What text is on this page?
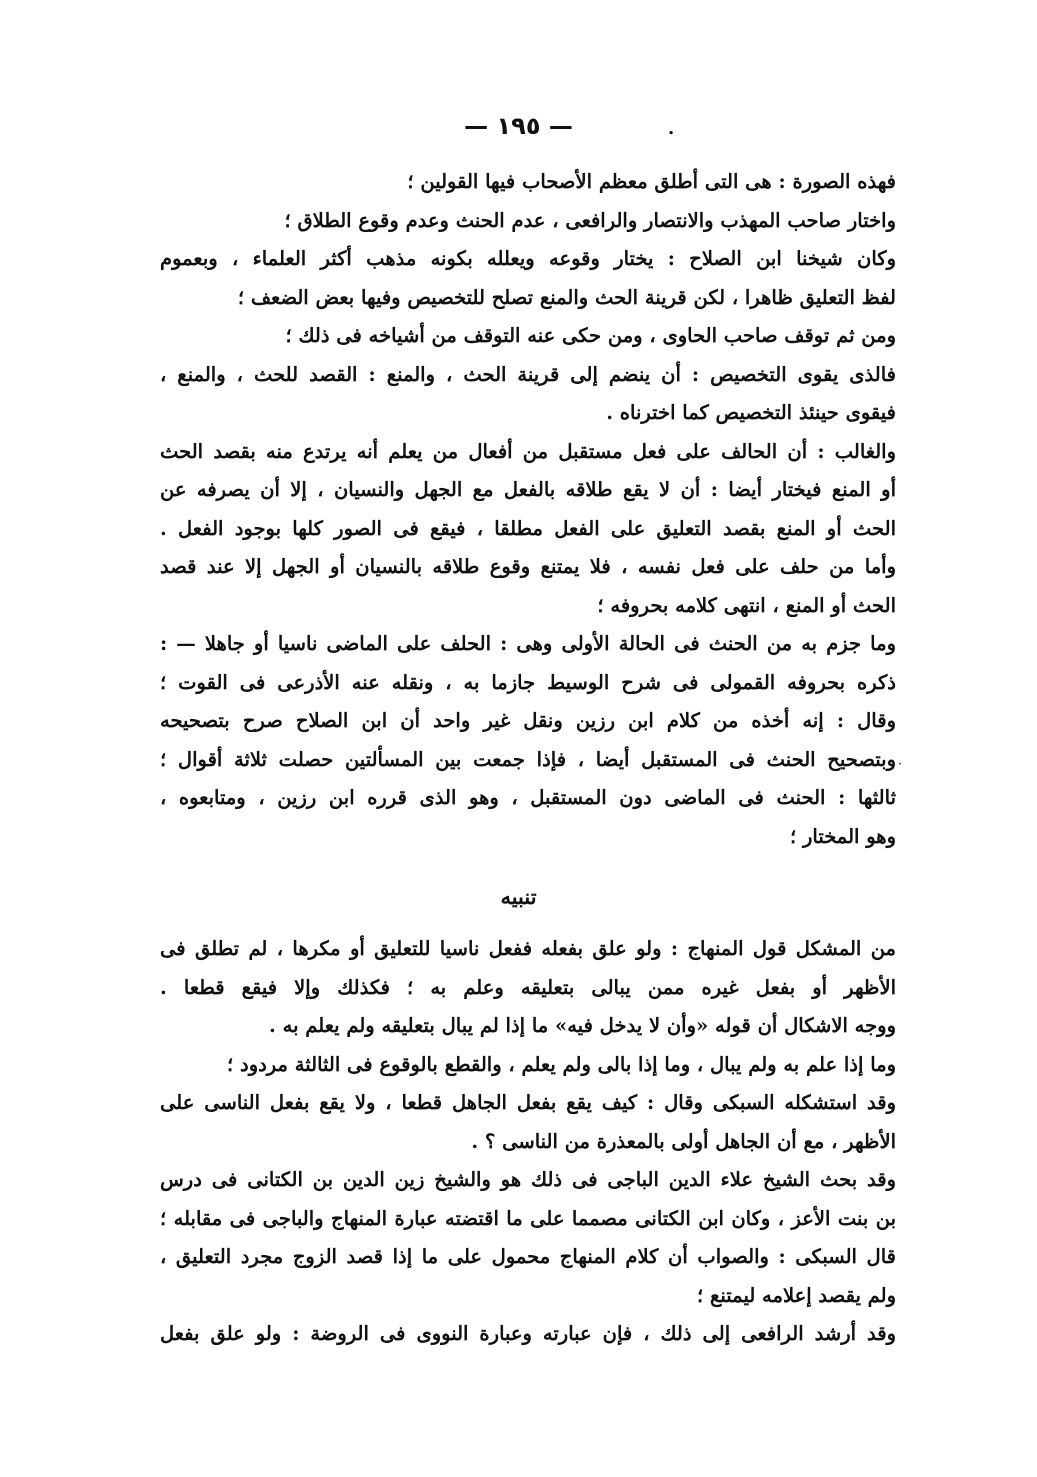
— ١٩٥ —	.
·
فهذه الصورة : هى التى أطلق معظم الأصحاب فيها القولين ؛
واختار صاحب المهذب والانتصار والرافعى ، عدم الحنث وعدم وقوع الطلاق ؛
وكان شيخنا ابن الصلاح : يختار وقوعه ويعلله بكونه مذهب أكثر العلماء ، وبعموم
لفظ التعليق ظاهرا ، لكن قرينة الحث والمنع تصلح للتخصيص وفيها بعض الضعف ؛
ومن ثم توقف صاحب الحاوى ، ومن حكى عنه التوقف من أشياخه فى ذلك ؛
فالذى يقوى التخصيص : أن ينضم إلى قرينة الحث ، والمنع : القصد للحث ، والمنع ،
فيقوى حينئذ التخصيص كما اخترناه .
والغالب : أن الحالف على فعل مستقبل من أفعال من يعلم أنه يرتدع منه بقصد الحث
أو المنع فيختار أيضا : أن لا يقع طلاقه بالفعل مع الجهل والنسيان ، إلا أن يصرفه عن
الحث أو المنع بقصد التعليق على الفعل مطلقا ، فيقع فى الصور كلها بوجود الفعل .
وأما من حلف على فعل نفسه ، فلا يمتنع وقوع طلاقه بالنسيان أو الجهل إلا عند قصد
الحث أو المنع ، انتهى كلامه بحروفه ؛
وما جزم به من الحنث فى الحالة الأولى وهى : الحلف على الماضى ناسيا أو جاهلا — :
ذكره بحروفه القمولى فى شرح الوسيط جازما به ، ونقله عنه الأذرعى فى القوت ؛
وقال : إنه أخذه من كلام ابن رزين ونقل غير واحد أن ابن الصلاح صرح بتصحيحه
وبتصحيح الحنث فى المستقبل أيضا ، فإذا جمعت بين المسألتين حصلت ثلاثة أقوال ؛
ثالثها : الحنث فى الماضى دون المستقبل ، وهو الذى قرره ابن رزين ، ومتابعوه ،
وهو المختار ؛
تنبيه
من المشكل قول المنهاج : ولو علق بفعله ففعل ناسيا للتعليق أو مكرها ، لم تطلق فى
الأظهر أو بفعل غيره ممن يبالى بتعليقه وعلم به ؛ فكذلك وإلا فيقع قطعا .
ووجه الاشكال أن قوله «وأن لا يدخل فيه» ما إذا لم يبال بتعليقه ولم يعلم به .
وما إذا علم به ولم يبال ، وما إذا بالى ولم يعلم ، والقطع بالوقوع فى الثالثة مردود ؛
وقد استشكله السبكى وقال : كيف يقع بفعل الجاهل قطعا ، ولا يقع بفعل الناسى على
الأظهر ، مع أن الجاهل أولى بالمعذرة من الناسى ؟ .
وقد بحث الشيخ علاء الدين الباجى فى ذلك هو والشيخ زين الدين بن الكتانى فى درس
بن بنت الأعز ، وكان ابن الكتانى مصمما على ما اقتضته عبارة المنهاج والباجى فى مقابله ؛
قال السبكى : والصواب أن كلام المنهاج محمول على ما إذا قصد الزوج مجرد التعليق ،
ولم يقصد إعلامه ليمتنع ؛
وقد أرشد الرافعى إلى ذلك ، فإن عبارته وعبارة النووى فى الروضة : ولو علق بفعل
